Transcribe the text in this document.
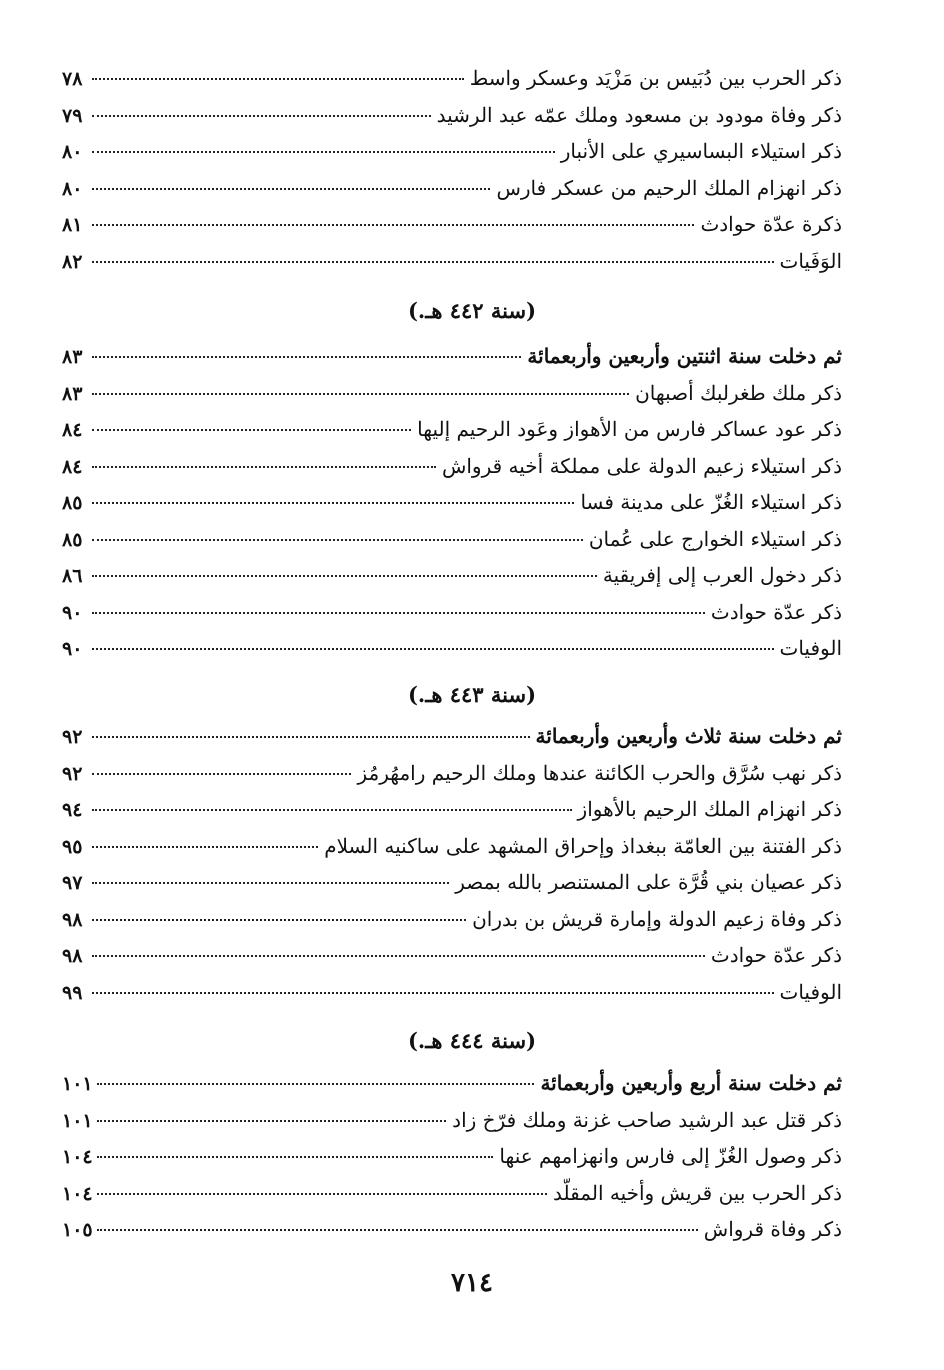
(سنة ٤٤٢ هـ.)
(سنة ٤٤٣ هـ.)
(سنة ٤٤٤ هـ.)
ذكر الحرب بين دُبَيس بن مَزْيَد وعسكر واسط
٧٨
ذكر وفاة مودود بن مسعود وملك عمّه عبد الرشيد
٧٩
ذكر استيلاء البساسيري على الأنبار
٨٠
ذكر انهزام الملك الرحيم من عسكر فارس
٨٠
ذكرة عدّة حوادث
٨١
الوَفَيات
٨٢
ثم دخلت سنة اثنتين وأربعين وأربعمائة
٨٣
ذكر ملك طغرلبك أصبهان
٨٣
ذكر عود عساكر فارس من الأهواز وعَود الرحيم إليها
٨٤
ذكر استيلاء زعيم الدولة على مملكة أخيه قرواش
٨٤
ذكر استيلاء الغُزّ على مدينة فسا
٨٥
ذكر استيلاء الخوارج على عُمان
٨٥
ذكر دخول العرب إلى إفريقية
٨٦
ذكر عدّة حوادث
٩٠
الوفيات
٩٠
ثم دخلت سنة ثلاث وأربعين وأربعمائة
٩٢
ذكر نهب سُرَّق والحرب الكائنة عندها وملك الرحيم رامهُرمُز
٩٢
ذكر انهزام الملك الرحيم بالأهواز
٩٤
ذكر الفتنة بين العامّة ببغداذ وإحراق المشهد على ساكنيه السلام
٩٥
ذكر عصيان بني قُرَّة على المستنصر بالله بمصر
٩٧
ذكر وفاة زعيم الدولة وإمارة قريش بن بدران
٩٨
ذكر عدّة حوادث
٩٨
الوفيات
٩٩
ثم دخلت سنة أربع وأربعين وأربعمائة
١٠١
ذكر قتل عبد الرشيد صاحب غزنة وملك فرّخ زاد
١٠١
ذكر وصول الغُزّ إلى فارس وانهزامهم عنها
١٠٤
ذكر الحرب بين قريش وأخيه المقلّد
١٠٤
ذكر وفاة قرواش
١٠٥
٧١٤
